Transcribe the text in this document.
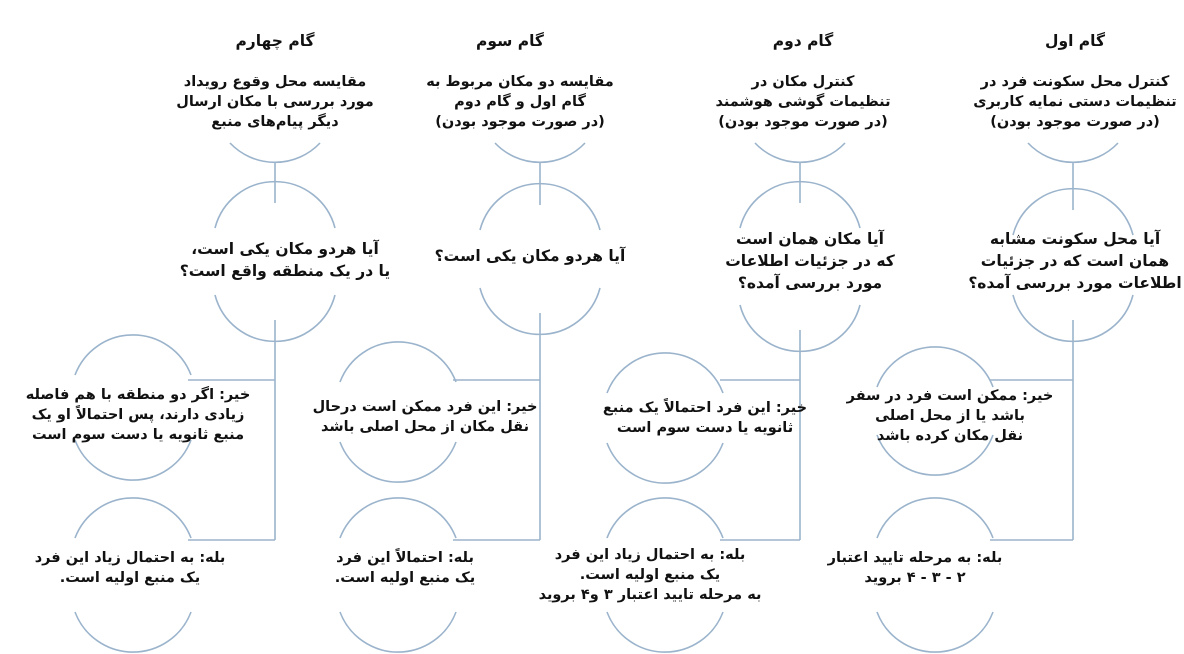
گام اول
کنترل محل سکونت فرد در
تنظیمات دستی نمایه کاربری
(در صورت موجود بودن)
آیا محل سکونت مشابه
همان است که در جزئیات
اطلاعات مورد بررسی آمده؟
خیر: ممکن است فرد در سفر
باشد یا از محل اصلی
نقل مکان کرده باشد
بله: به مرحله تایید اعتبار
۲ - ۳ - ۴ بروید
گام دوم
کنترل مکان در
تنظیمات گوشی هوشمند
(در صورت موجود بودن)
آیا مکان همان است
که در جزئیات اطلاعات
مورد بررسی آمده؟
خیر: این فرد احتمالاً یک منبع
ثانویه یا دست سوم است
بله: به احتمال زیاد این فرد
یک منبع اولیه است.
به مرحله تایید اعتبار ۳ و۴ بروید
گام سوم
مقایسه دو مکان مربوط به
گام اول و گام دوم
(در صورت موجود بودن)
آیا هردو مکان یکی است؟
خیر: این فرد ممکن است درحال
نقل مکان از محل اصلی باشد
بله: احتمالاً این فرد
یک منبع اولیه است.
گام چهارم
مقایسه محل وقوع رویداد
مورد بررسی با مکان ارسال
دیگر پیام‌های منبع
آیا هردو مکان یکی است،
یا در یک منطقه واقع است؟
خیر: اگر دو منطقه با هم فاصله
زیادی دارند، پس احتمالاً او یک
منبع ثانویه یا دست سوم است
بله: به احتمال زیاد این فرد
یک منبع اولیه است.
